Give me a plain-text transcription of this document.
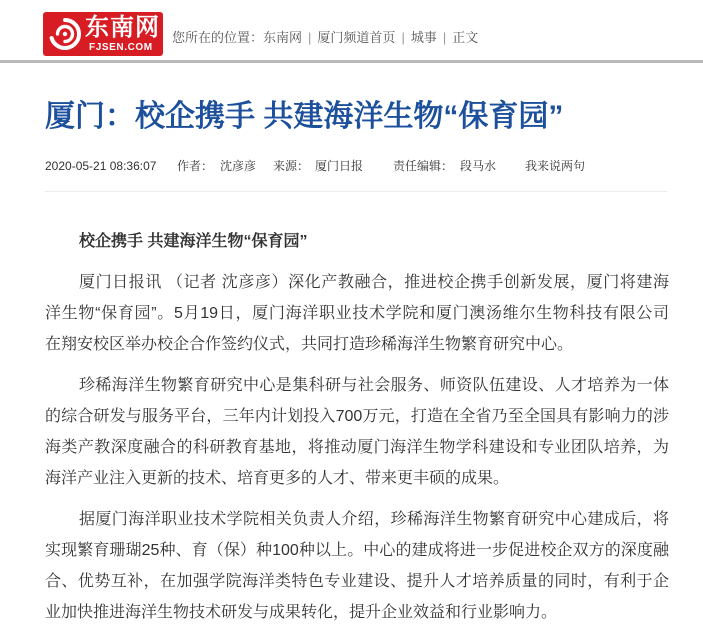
东南网
FJSEN.COM
您所在的位置：东南网 | 厦门频道首页 | 城事 | 正文
厦门：校企携手 共建海洋生物“保育园”
2020-05-21 08:36:07 作者： 沈彦彦 来源： 厦门日报 责任编辑： 段马水 我来说两句
校企携手 共建海洋生物“保育园”
厦门日报讯 （记者 沈彦彦）深化产教融合，推进校企携手创新发展，厦门将建海
洋生物“保育园”。5月19日，厦门海洋职业技术学院和厦门澳汤维尔生物科技有限公司
在翔安校区举办校企合作签约仪式，共同打造珍稀海洋生物繁育研究中心。
珍稀海洋生物繁育研究中心是集科研与社会服务、师资队伍建设、人才培养为一体
的综合研发与服务平台，三年内计划投入700万元，打造在全省乃至全国具有影响力的涉
海类产教深度融合的科研教育基地，将推动厦门海洋生物学科建设和专业团队培养，为
海洋产业注入更新的技术、培育更多的人才、带来更丰硕的成果。
据厦门海洋职业技术学院相关负责人介绍，珍稀海洋生物繁育研究中心建成后，将
实现繁育珊瑚25种、育（保）种100种以上。中心的建成将进一步促进校企双方的深度融
合、优势互补，在加强学院海洋类特色专业建设、提升人才培养质量的同时，有利于企
业加快推进海洋生物技术研发与成果转化，提升企业效益和行业影响力。
